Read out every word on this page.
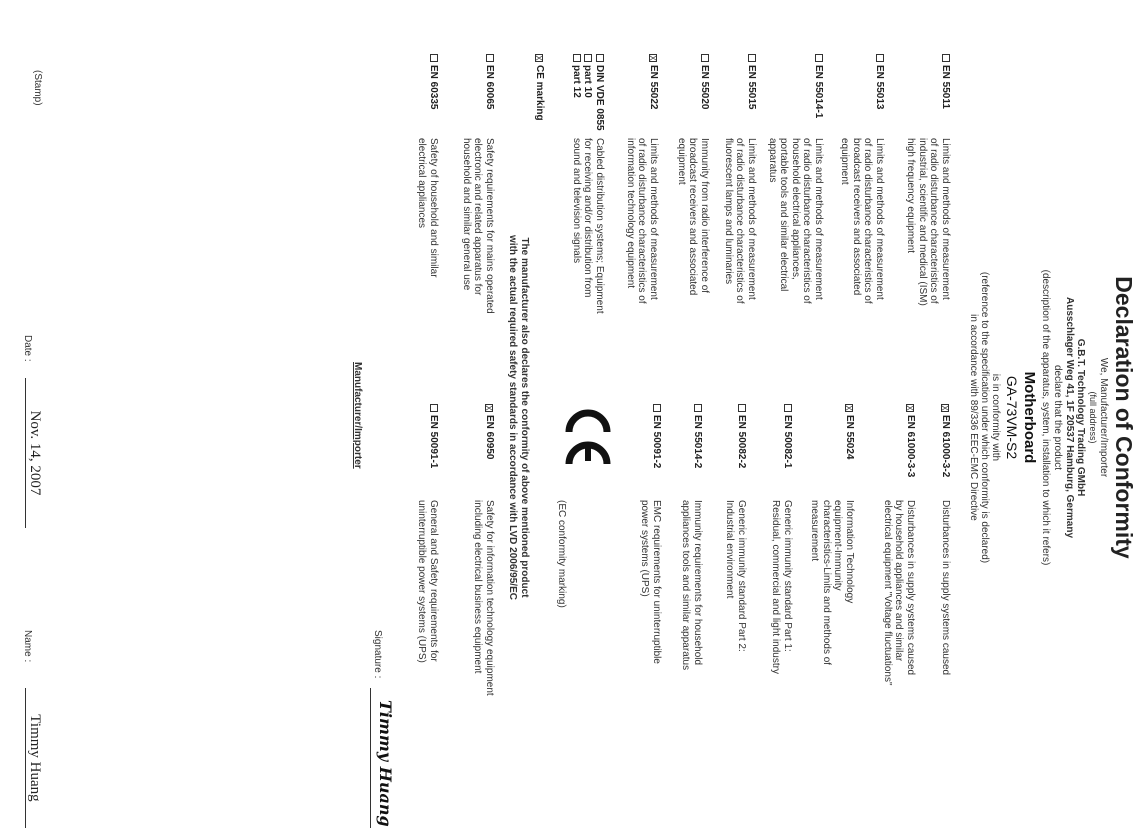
Declaration of Conformity
We, Manufacturer/Importer
(full address)
G.B.T. Technology Trading GMbH
Ausschlager Weg 41, 1F 20537 Hamburg, Germany
declare that the product
(description of the apparatus, system, installation to which it refers)
Motherboard
GA-73VM-S2
is in conformity with
(reference to the specification under which conformity is declared)
in accordance with 89/336 EEC-EMC Directive
EN 55011
Limits and methods of measurement
of radio disturbance characteristics of
industrial, scientific and medical (ISM)
high frequency equipment
EN 55013
Limits and methods of measurement
of radio disturbance characteristics of
broadcast receivers and associated
equipment
EN 55014-1
Limits and methods of measurement
of radio disturbance characteristics of
household electrical appliances,
portable tools and similar electrical
apparatus
EN 55015
Limits and methods of measurement
of radio disturbance characteristics of
fluorescent lamps and luminaries
EN 55020
Immunity from radio interference of
broadcast receivers and associated
equipment
XEN 55022
Limits and methods of measurement
of radio disturbance characteristics of
information technology equipment
DIN VDE 0855
part 10
part 12
Cabled distribution systems; Equipment
for receiving and/or distribution from
sound and television signals
XCE marking
XEN 61000-3-2
Disturbances in supply systems caused
XEN 61000-3-3
Disturbances in supply systems caused
by household appliances and similar
electrical equipment "Voltage fluctuations"
XEN 55024
Information Technology
equipment-Immunity
characteristics-Limits and methods of
measurement
EN 50082-1
Generic immunity standard Part 1:
Residual, commercial and light industry
EN 50082-2
Generic immunity standard Part 2:
Industrial environment
EN 55014-2
Immunity requirements for household
appliances tools and similar apparatus
EN 50091-2
EMC requirements for uninterruptible
power systems (UPS)
(EC conformity marking)
The manufacturer also declares the conformity of above mentioned product
with the actual required safety standards in accordance with LVD 2006/95/EC
EN 60065
Safety requirements for mains operated
electronic and related apparatus for
household and similar general use
EN 60335
Safety of household and similar
electrical appliances
XEN 60950
Safety for information technology equipment
including electrical business equipment
EN 50091-1
General and Safety requirements for
uninterruptible power systems (UPS)
Manufacturer/Importer
Signature :
Timmy Huang
(Stamp)
Date :
Nov. 14, 2007
Name :
Timmy Huang
